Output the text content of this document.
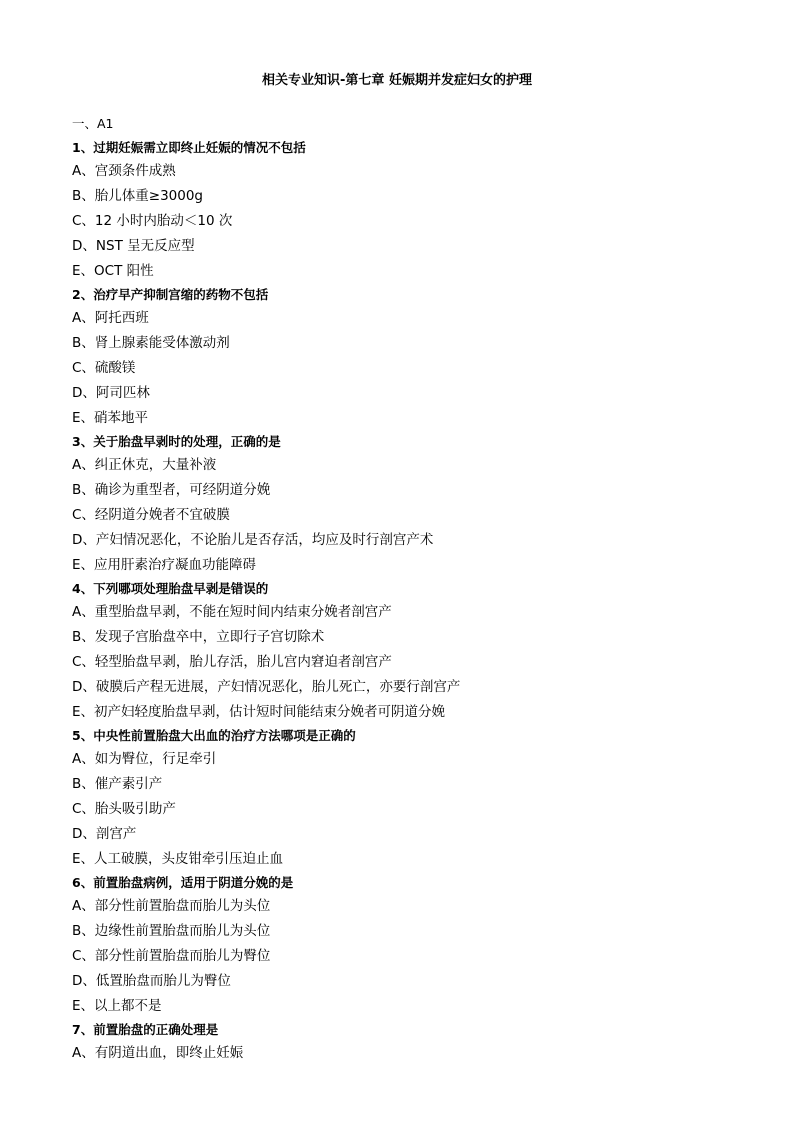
相关专业知识-第七章 妊娠期并发症妇女的护理
一、A1
1、过期妊娠需立即终止妊娠的情况不包括
A、宫颈条件成熟
B、胎儿体重≥3000g
C、12 小时内胎动＜10 次
D、NST 呈无反应型
E、OCT 阳性
2、治疗早产抑制宫缩的药物不包括
A、阿托西班
B、肾上腺素能受体激动剂
C、硫酸镁
D、阿司匹林
E、硝苯地平
3、关于胎盘早剥时的处理，正确的是
A、纠正休克，大量补液
B、确诊为重型者，可经阴道分娩
C、经阴道分娩者不宜破膜
D、产妇情况恶化，不论胎儿是否存活，均应及时行剖宫产术
E、应用肝素治疗凝血功能障碍
4、下列哪项处理胎盘早剥是错误的
A、重型胎盘早剥，不能在短时间内结束分娩者剖宫产
B、发现子宫胎盘卒中，立即行子宫切除术
C、轻型胎盘早剥，胎儿存活，胎儿宫内窘迫者剖宫产
D、破膜后产程无进展，产妇情况恶化，胎儿死亡，亦要行剖宫产
E、初产妇轻度胎盘早剥，估计短时间能结束分娩者可阴道分娩
5、中央性前置胎盘大出血的治疗方法哪项是正确的
A、如为臀位，行足牵引
B、催产素引产
C、胎头吸引助产
D、剖宫产
E、人工破膜，头皮钳牵引压迫止血
6、前置胎盘病例，适用于阴道分娩的是
A、部分性前置胎盘而胎儿为头位
B、边缘性前置胎盘而胎儿为头位
C、部分性前置胎盘而胎儿为臀位
D、低置胎盘而胎儿为臀位
E、以上都不是
7、前置胎盘的正确处理是
A、有阴道出血，即终止妊娠
